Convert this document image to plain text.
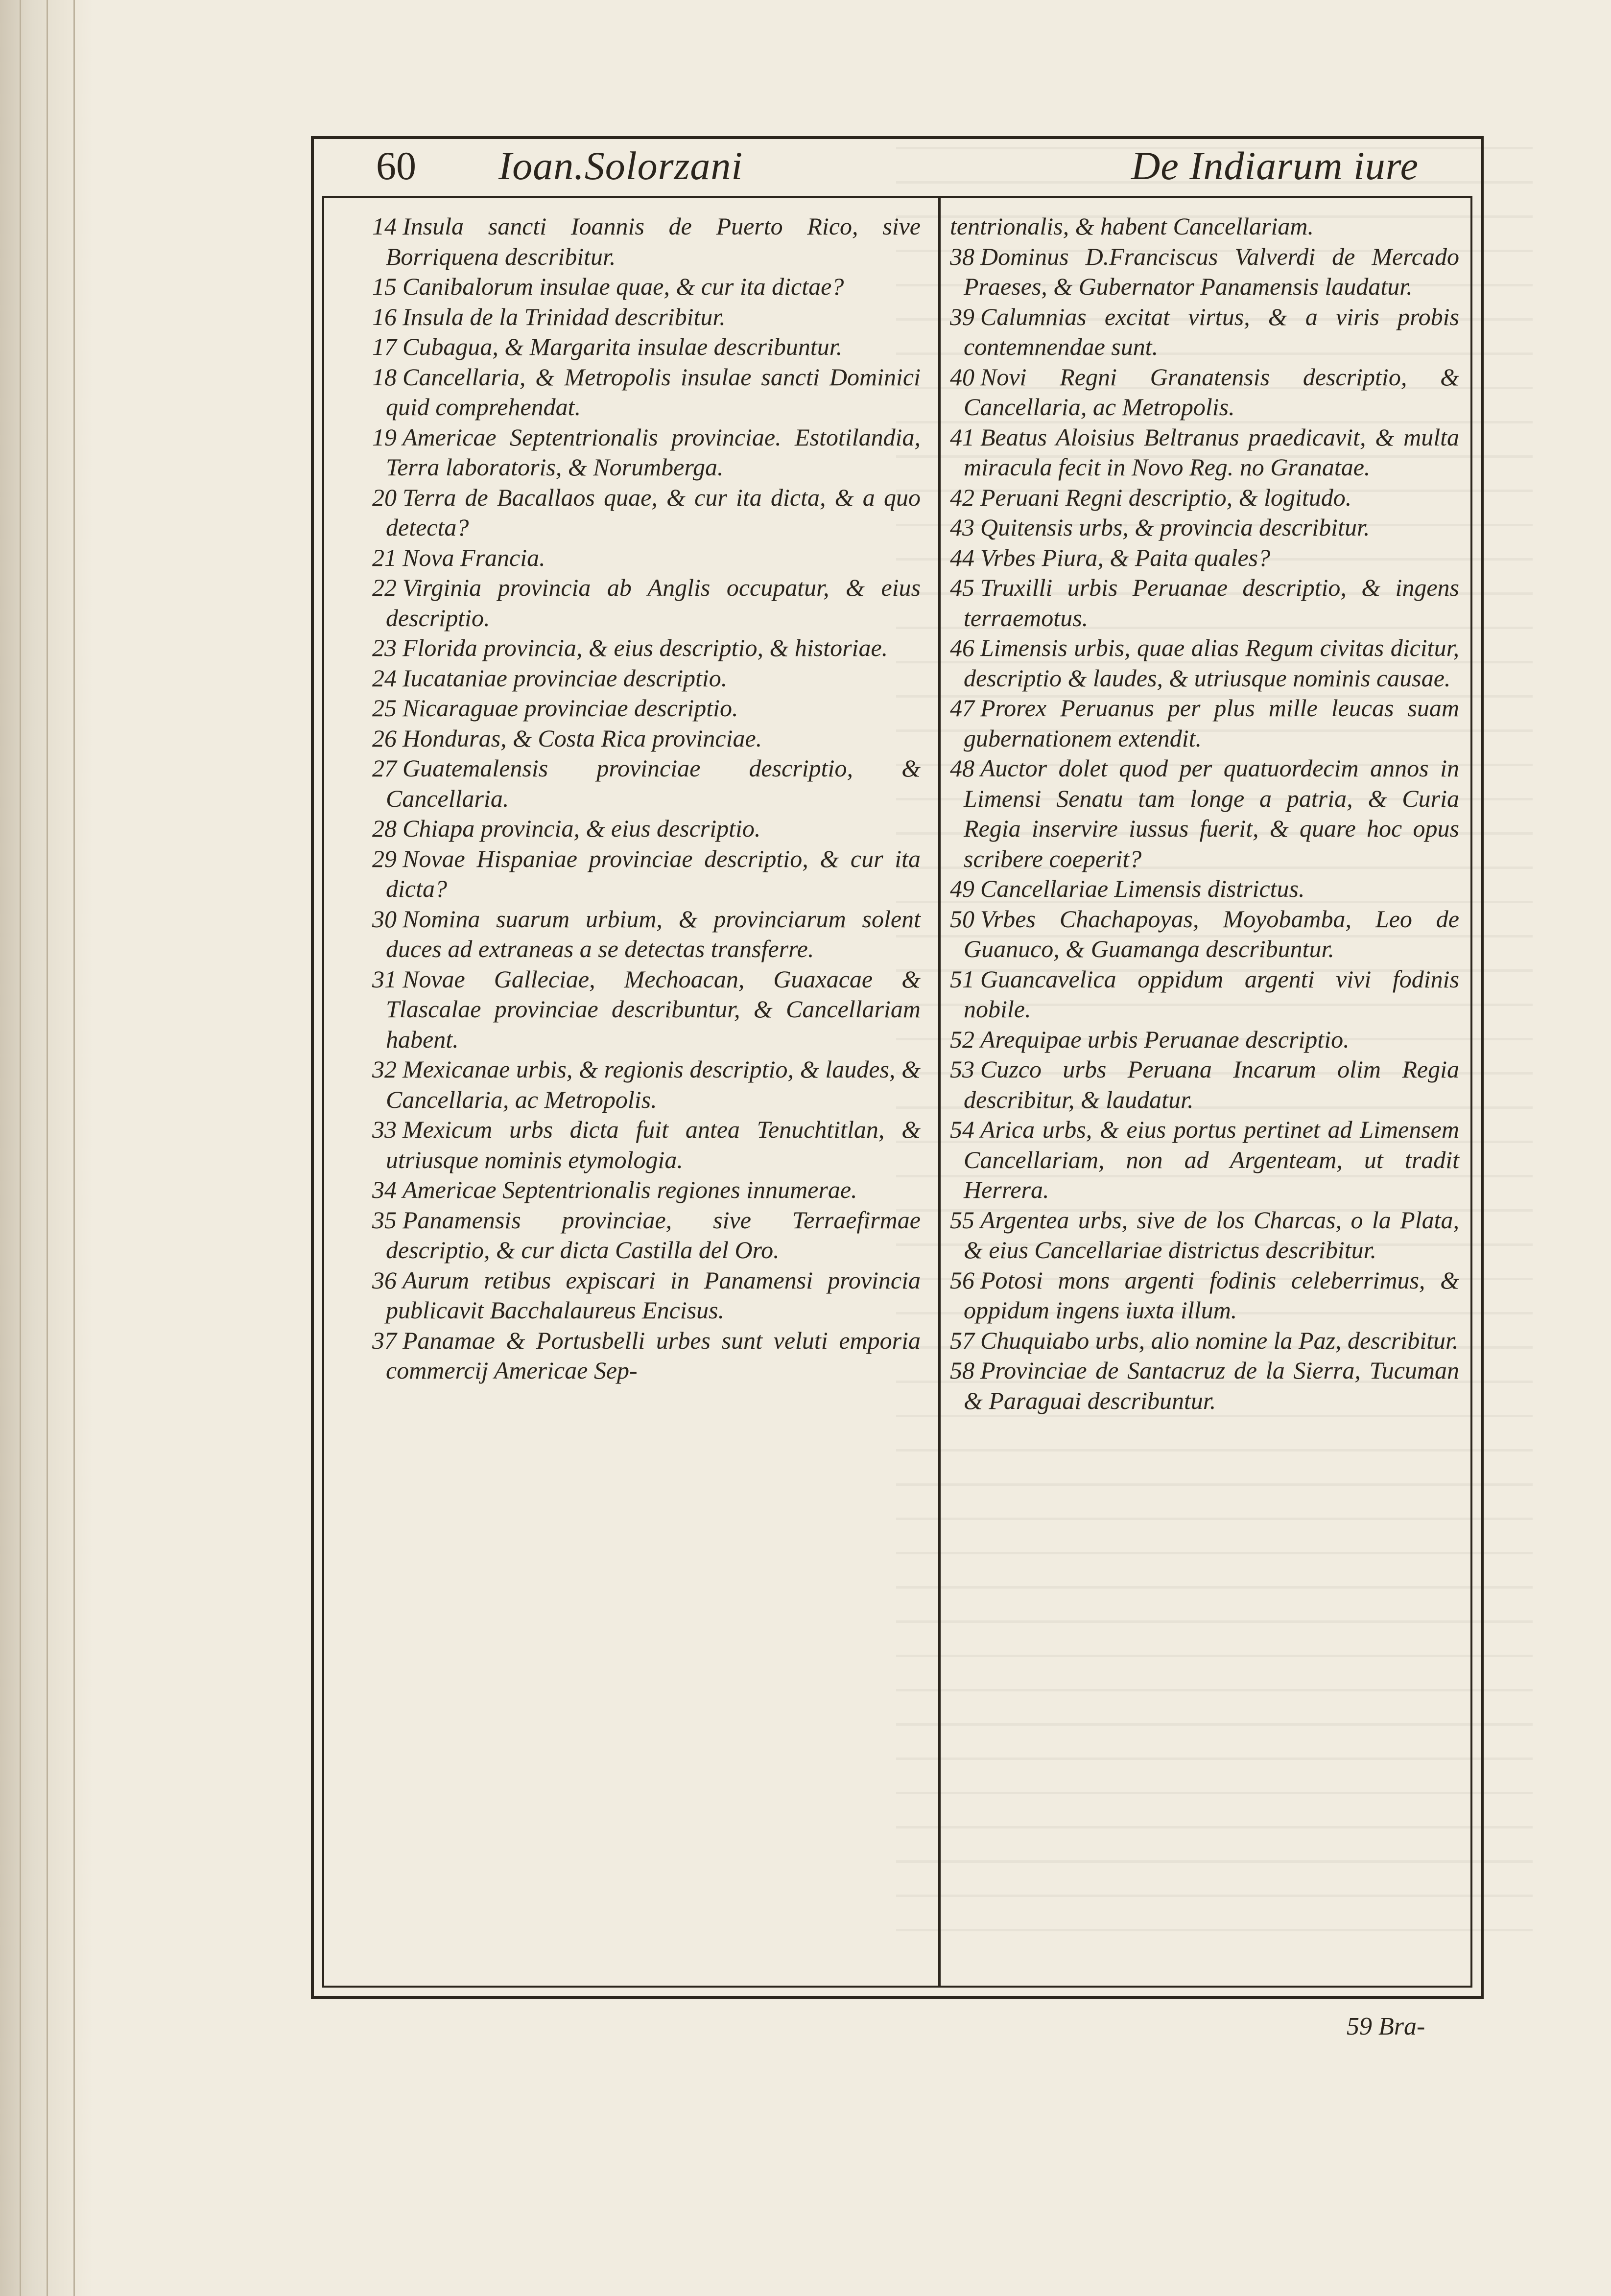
60 Ioan.Solorzani	De Indiarum iure

14 Insula sancti Ioannis de Puerto Rico, sive Borriquena describitur.

15 Canibalorum insulae quae, & cur ita dictae?

16 Insula de la Trinidad describitur.

17 Cubagua, & Margarita insulae describuntur.

18 Cancellaria, & Metropolis insulae sancti Dominici quid comprehendat.

19 Americae Septentrionalis provinciae. Estotilandia, Terra laboratoris, & Norumberga.

20 Terra de Bacallaos quae, & cur ita dicta, & a quo detecta?

21 Nova Francia.

22 Virginia provincia ab Anglis occupatur, & eius descriptio.

23 Florida provincia, & eius descriptio, & historiae.

24 Iucataniae provinciae descriptio.

25 Nicaraguae provinciae descriptio.

26 Honduras, & Costa Rica provinciae.

27 Guatemalensis provinciae descriptio, & Cancellaria.

28 Chiapa provincia, & eius descriptio.

29 Novae Hispaniae provinciae descriptio, & cur ita dicta?

30 Nomina suarum urbium, & provinciarum solent duces ad extraneas a se detectas transferre.

31 Novae Galleciae, Mechoacan, Guaxacae & Tlascalae provinciae describuntur, & Cancellariam habent.

32 Mexicanae urbis, & regionis descriptio, & laudes, & Cancellaria, ac Metropolis.

33 Mexicum urbs dicta fuit antea Tenuchtitlan, & utriusque nominis etymologia.

34 Americae Septentrionalis regiones innumerae.

35 Panamensis provinciae, sive Terraefirmae descriptio, & cur dicta Castilla del Oro.

36 Aurum retibus expiscari in Panamensi provincia publicavit Bacchalaureus Encisus.

37 Panamae & Portusbelli urbes sunt veluti emporia commercij Americae Sep-

tentrionalis, & habent Cancellariam.

38 Dominus D.Franciscus Valverdi de Mercado Praeses, & Gubernator Panamensis laudatur.

39 Calumnias excitat virtus, & a viris probis contemnendae sunt.

40 Novi Regni Granatensis descriptio, & Cancellaria, ac Metropolis.

41 Beatus Aloisius Beltranus praedicavit, & multa miracula fecit in Novo Reg. no Granatae.

42 Peruani Regni descriptio, & logitudo.

43 Quitensis urbs, & provincia describitur.

44 Vrbes Piura, & Paita quales?

45 Truxilli urbis Peruanae descriptio, & ingens terraemotus.

46 Limensis urbis, quae alias Regum civitas dicitur, descriptio & laudes, & utriusque nominis causae.

47 Prorex Peruanus per plus mille leucas suam gubernationem extendit.

48 Auctor dolet quod per quatuordecim annos in Limensi Senatu tam longe a patria, & Curia Regia inservire iussus fuerit, & quare hoc opus scribere coeperit?

49 Cancellariae Limensis districtus.

50 Vrbes Chachapoyas, Moyobamba, Leo de Guanuco, & Guamanga describuntur.

51 Guancavelica oppidum argenti vivi fodinis nobile.

52 Arequipae urbis Peruanae descriptio.

53 Cuzco urbs Peruana Incarum olim Regia describitur, & laudatur.

54 Arica urbs, & eius portus pertinet ad Limensem Cancellariam, non ad Argenteam, ut tradit Herrera.

55 Argentea urbs, sive de los Charcas, o la Plata, & eius Cancellariae districtus describitur.

56 Potosi mons argenti fodinis celeberrimus, & oppidum ingens iuxta illum.

57 Chuquiabo urbs, alio nomine la Paz, describitur.

58 Provinciae de Santacruz de la Sierra, Tucuman & Paraguai describuntur.

59 Bra-
